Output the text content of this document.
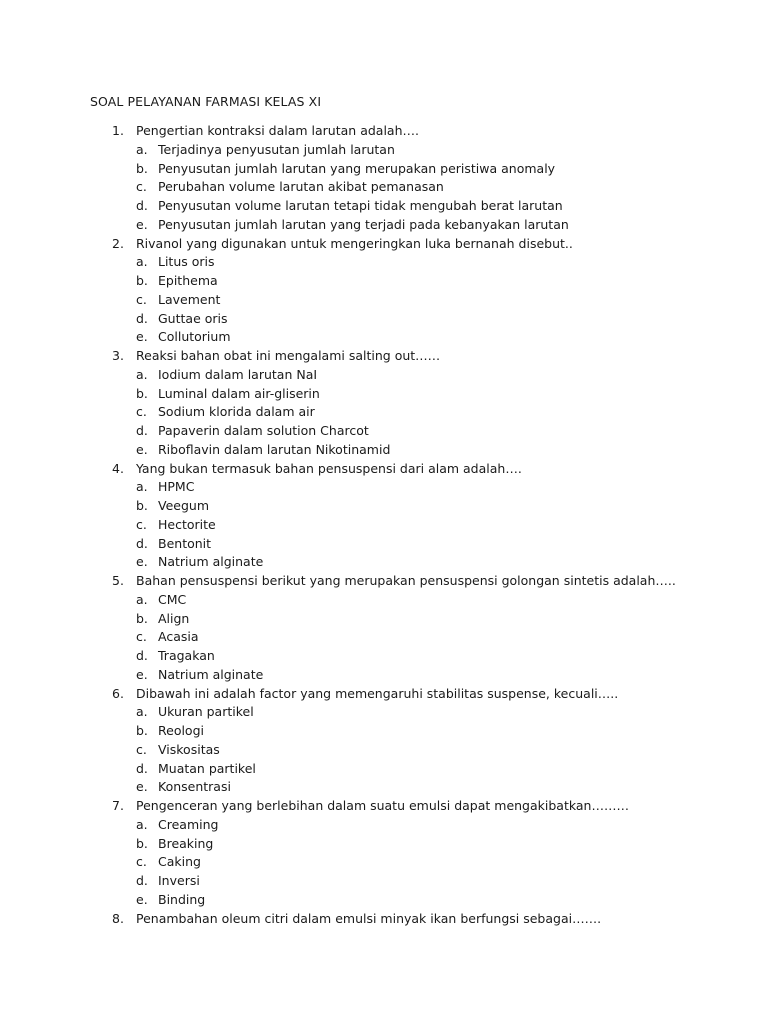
SOAL PELAYANAN FARMASI KELAS XI
1. Pengertian kontraksi dalam larutan adalah….
a. Terjadinya penyusutan jumlah larutan
b. Penyusutan jumlah larutan yang merupakan peristiwa anomaly
c. Perubahan volume larutan akibat pemanasan
d. Penyusutan volume larutan tetapi tidak mengubah berat larutan
e. Penyusutan jumlah larutan yang terjadi pada kebanyakan larutan
2. Rivanol yang digunakan untuk mengeringkan luka bernanah disebut..
a. Litus oris
b. Epithema
c. Lavement
d. Guttae oris
e. Collutorium
3. Reaksi bahan obat ini mengalami salting out……
a. Iodium dalam larutan NaI
b. Luminal dalam air-gliserin
c. Sodium klorida dalam air
d. Papaverin dalam solution Charcot
e. Riboflavin dalam larutan Nikotinamid
4. Yang bukan termasuk bahan pensuspensi dari alam adalah….
a. HPMC
b. Veegum
c. Hectorite
d. Bentonit
e. Natrium alginate
5. Bahan pensuspensi berikut yang merupakan pensuspensi golongan sintetis adalah…..
a. CMC
b. Align
c. Acasia
d. Tragakan
e. Natrium alginate
6. Dibawah ini adalah factor yang memengaruhi stabilitas suspense, kecuali…..
a. Ukuran partikel
b. Reologi
c. Viskositas
d. Muatan partikel
e. Konsentrasi
7. Pengenceran yang berlebihan dalam suatu emulsi dapat mengakibatkan………
a. Creaming
b. Breaking
c. Caking
d. Inversi
e. Binding
8. Penambahan oleum citri dalam emulsi minyak ikan berfungsi sebagai…….
